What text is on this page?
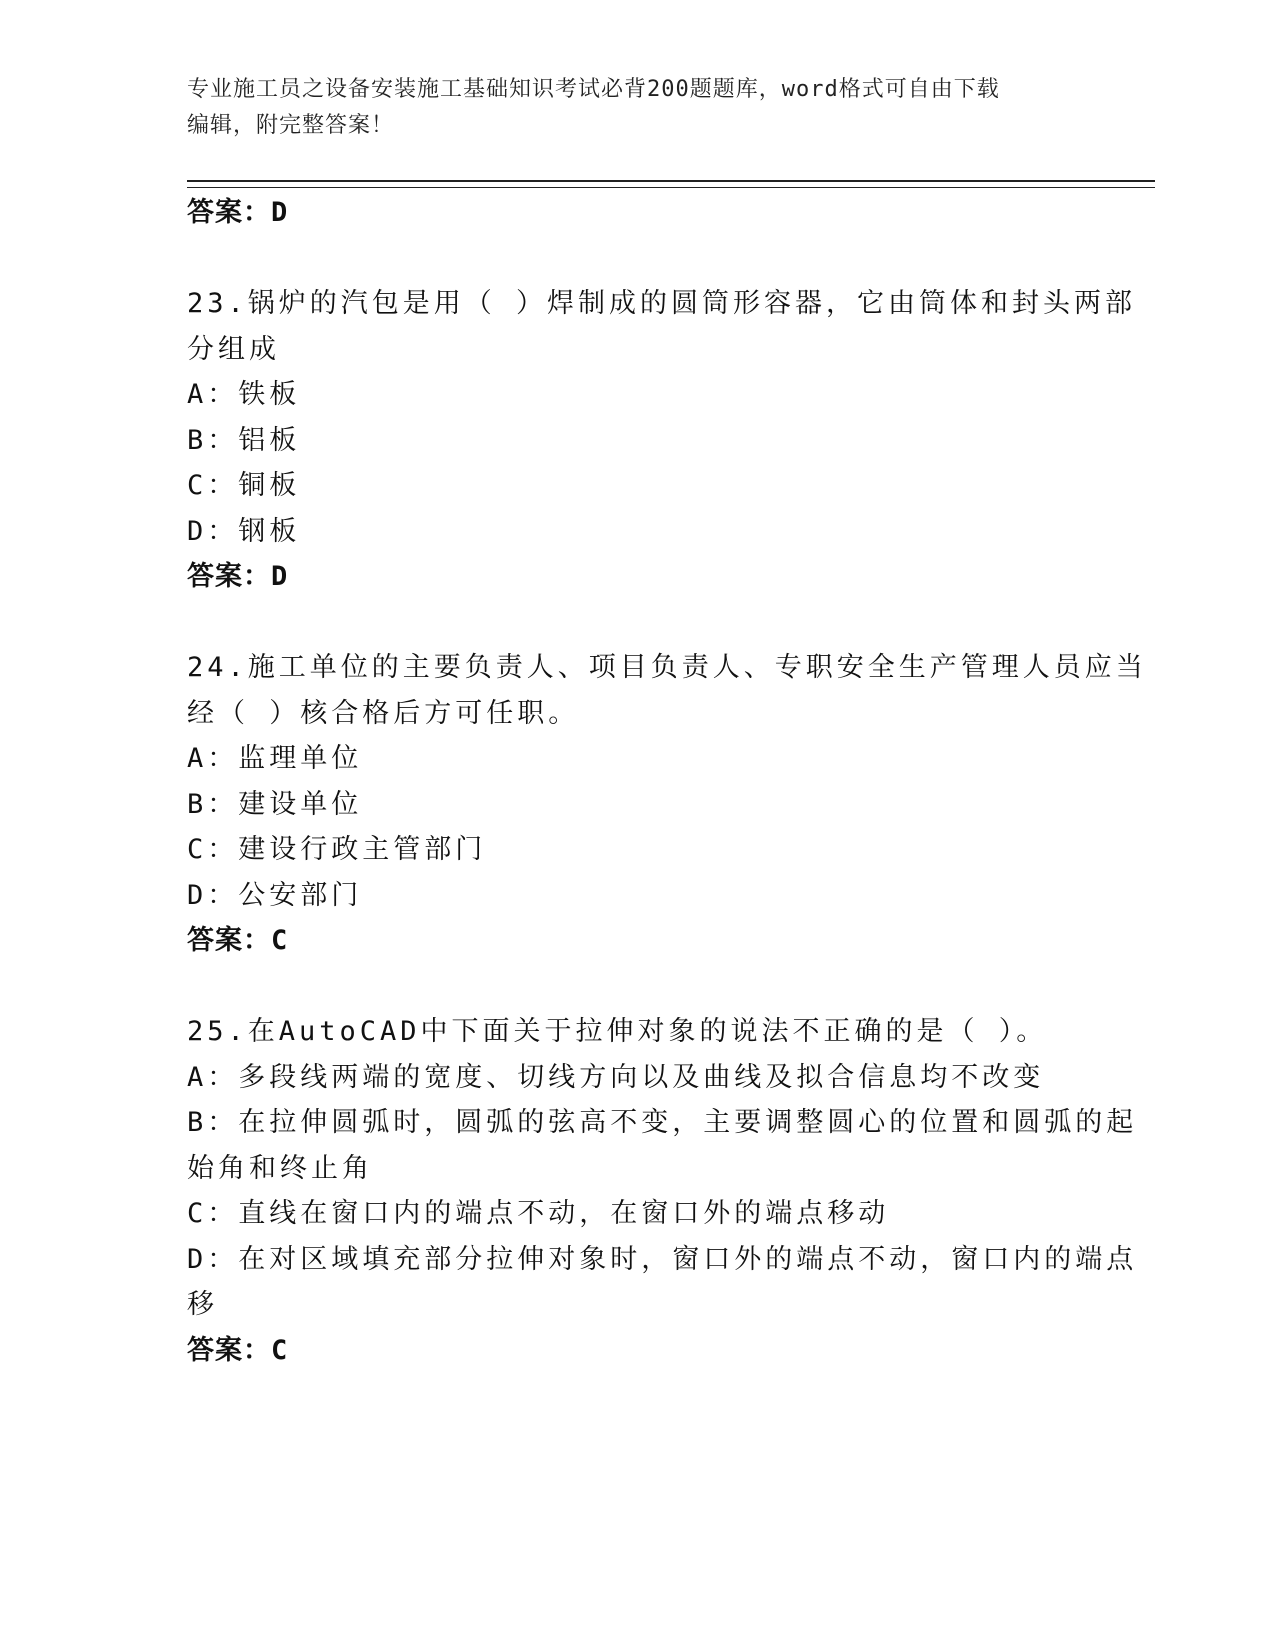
专业施工员之设备安装施工基础知识考试必背200题题库，word格式可自由下载
编辑，附完整答案！
答案：D
23.锅炉的汽包是用（ ）焊制成的圆筒形容器，它由筒体和封头两部
分组成
A：铁板
B：铝板
C：铜板
D：钢板
答案：D
24.施工单位的主要负责人、项目负责人、专职安全生产管理人员应当
经（ ）核合格后方可任职。
A：监理单位
B：建设单位
C：建设行政主管部门
D：公安部门
答案：C
25.在AutoCAD中下面关于拉伸对象的说法不正确的是（ ）。
A：多段线两端的宽度、切线方向以及曲线及拟合信息均不改变
B：在拉伸圆弧时，圆弧的弦高不变，主要调整圆心的位置和圆弧的起
始角和终止角
C：直线在窗口内的端点不动，在窗口外的端点移动
D：在对区域填充部分拉伸对象时，窗口外的端点不动，窗口内的端点
移
答案：C
